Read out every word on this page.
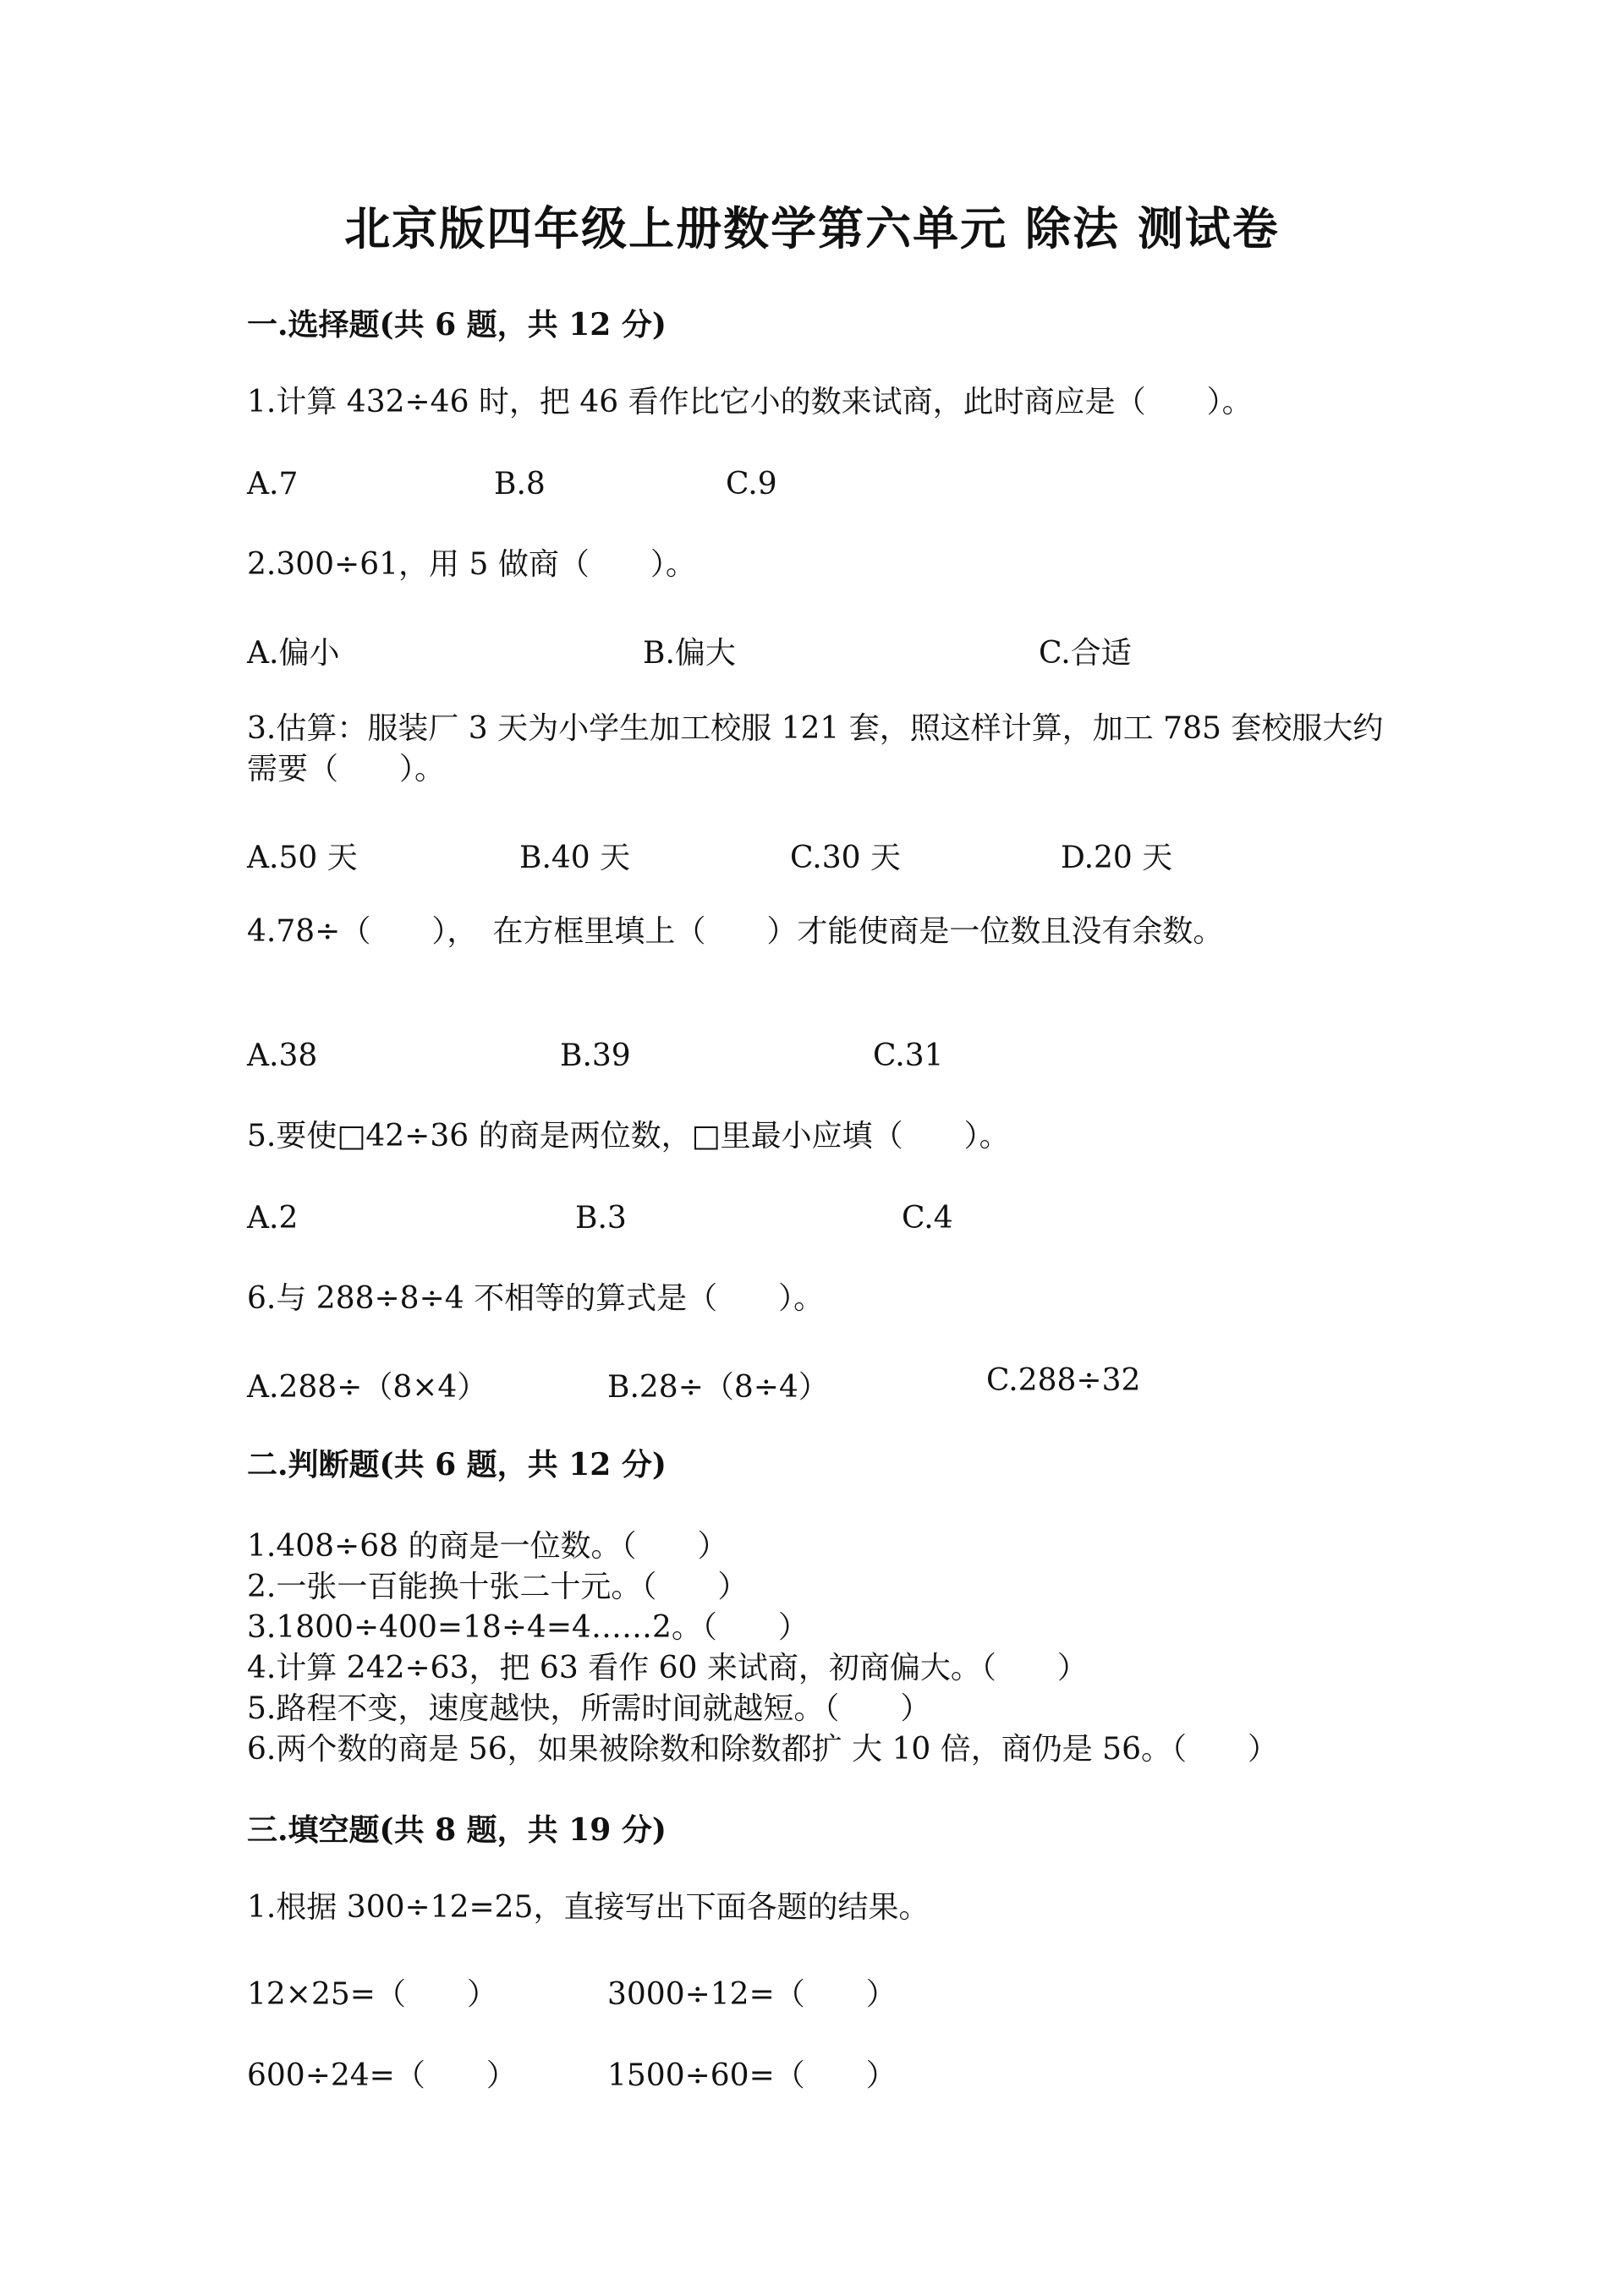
北京版四年级上册数学第六单元 除法 测试卷
一.选择题(共 6 题，共 12 分)
1.计算 432÷46 时，把 46 看作比它小的数来试商，此时商应是（　　）。
A.7	B.8	C.9
2.300÷61，用 5 做商（　　）。
A.偏小	B.偏大	C.合适
3.估算：服装厂 3 天为小学生加工校服 121 套，照这样计算，加工 785 套校服大约需要（　　）。
A.50 天	B.40 天	C.30 天	D.20 天
4.78÷（　　），　在方框里填上（　　）才能使商是一位数且没有余数。
A.38	B.39	C.31
5.要使□42÷36 的商是两位数，□里最小应填（　　）。
A.2	B.3	C.4
6.与 288÷8÷4 不相等的算式是（　　）。
A.288÷（8×4）	B.28÷（8÷4）	C.288÷32
二.判断题(共 6 题，共 12 分)
1.408÷68 的商是一位数。（　　）
2.一张一百能换十张二十元。（　　）
3.1800÷400=18÷4=4……2。（　　）
4.计算 242÷63，把 63 看作 60 来试商，初商偏大。（　　）
5.路程不变，速度越快，所需时间就越短。（　　）
6.两个数的商是 56，如果被除数和除数都扩 大 10 倍，商仍是 56。（　　）
三.填空题(共 8 题，共 19 分)
1.根据 300÷12=25，直接写出下面各题的结果。
12×25=（　　）	3000÷12=（　　）
600÷24=（　　）	1500÷60=（　　）
